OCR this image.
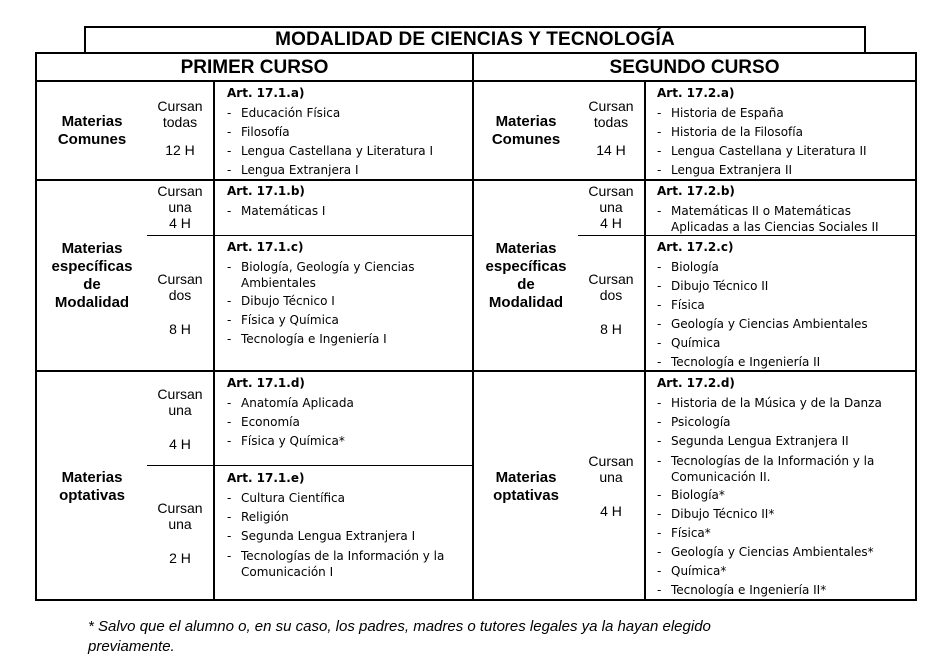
MODALIDAD DE CIENCIAS Y TECNOLOGÍA
PRIMER CURSO	SEGUNDO CURSO
Materias
Comunes
Cursan
todas
12 H
Art. 17.1.a)
- Educación Física
- Filosofía
- Lengua Castellana y Literatura I
- Lengua Extranjera I
Materias
específicas
de
Modalidad
Cursan
una
4 H
Art. 17.1.b)
- Matemáticas I
Cursan
dos
8 H
Art. 17.1.c)
- Biología, Geología y Ciencias Ambientales
- Dibujo Técnico I
- Física y Química
- Tecnología e Ingeniería I
Materias
optativas
Cursan
una
4 H
Art. 17.1.d)
- Anatomía Aplicada
- Economía
- Física y Química*
Cursan
una
2 H
Art. 17.1.e)
- Cultura Científica
- Religión
- Segunda Lengua Extranjera I
- Tecnologías de la Información y la Comunicación I
Materias
Comunes
Cursan
todas
14 H
Art. 17.2.a)
- Historia de España
- Historia de la Filosofía
- Lengua Castellana y Literatura II
- Lengua Extranjera II
Materias
específicas
de
Modalidad
Cursan
una
4 H
Art. 17.2.b)
- Matemáticas II o Matemáticas Aplicadas a las Ciencias Sociales II
Cursan
dos
8 H
Art. 17.2.c)
- Biología
- Dibujo Técnico II
- Física
- Geología y Ciencias Ambientales
- Química
- Tecnología e Ingeniería II
Materias
optativas
Cursan
una
4 H
Art. 17.2.d)
- Historia de la Música y de la Danza
- Psicología
- Segunda Lengua Extranjera II
- Tecnologías de la Información y la Comunicación II.
- Biología*
- Dibujo Técnico II*
- Física*
- Geología y Ciencias Ambientales*
- Química*
- Tecnología e Ingeniería II*
* Salvo que el alumno o, en su caso, los padres, madres o tutores legales ya la hayan elegido previamente.
